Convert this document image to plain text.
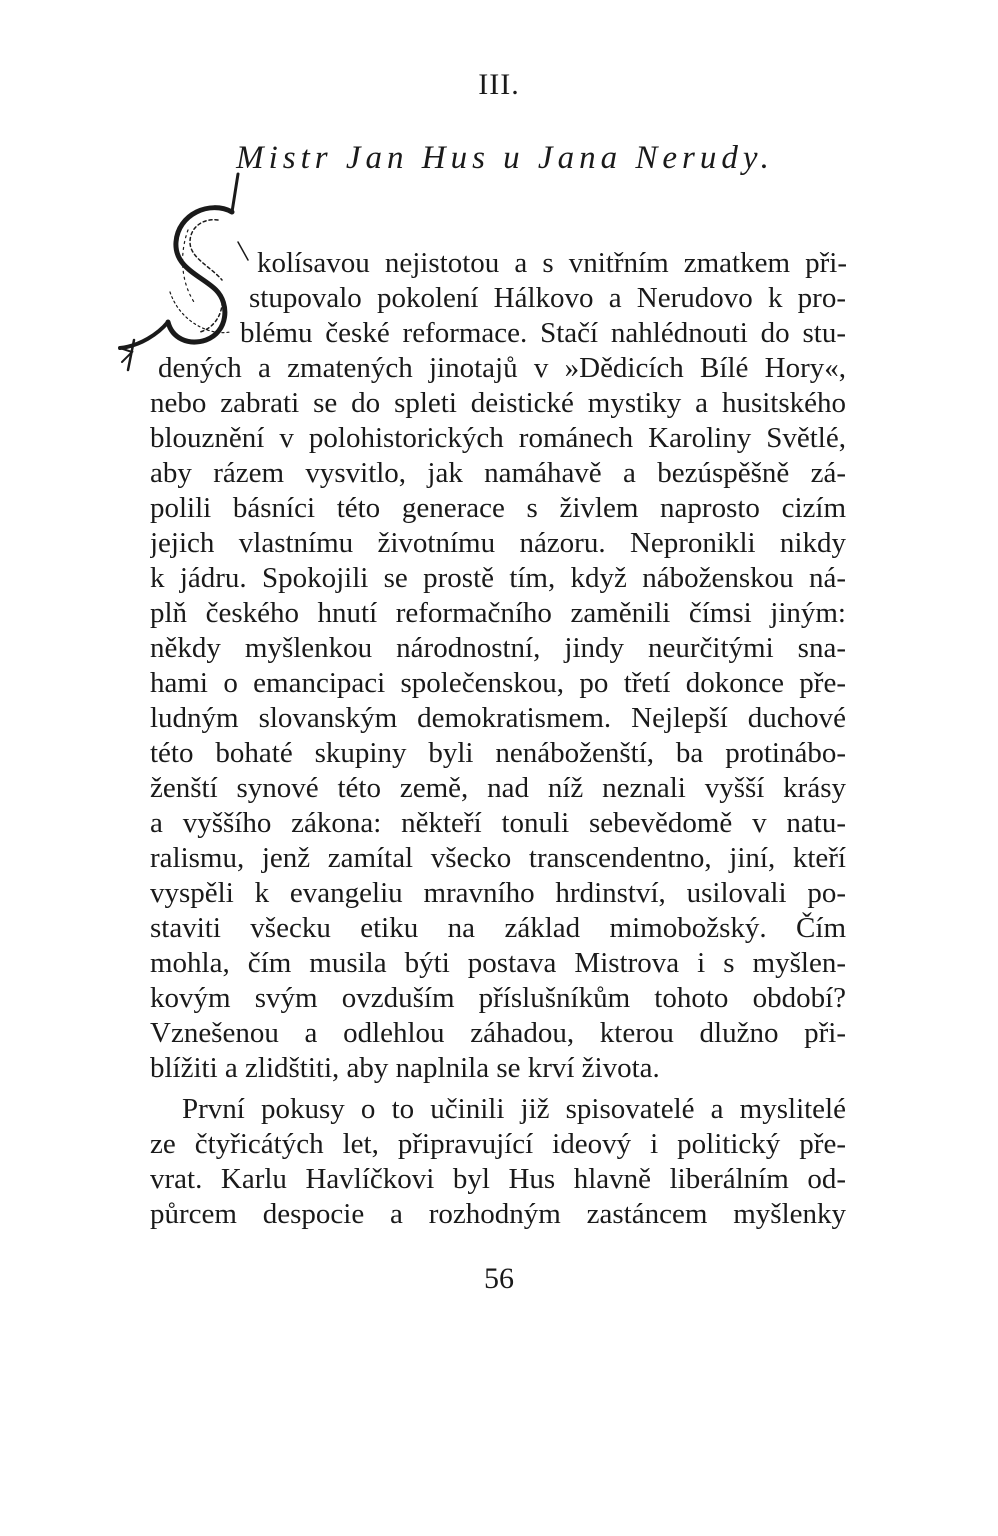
III.
Mistr Jan Hus u Jana Nerudy.
kolísavou nejistotou a s vnitřním zmatkem při-
stupovalo pokolení Hálkovo a Nerudovo k pro-
blému české reformace. Stačí nahlédnouti do stu-
dených a zmatených jinotajů v »Dědicích Bílé Hory«,
nebo zabrati se do spleti deistické mystiky a husitského
blouznění v polohistorických románech Karoliny Světlé,
aby rázem vysvitlo, jak namáhavě a bezúspěšně zá-
polili básníci této generace s živlem naprosto cizím
jejich vlastnímu životnímu názoru. Nepronikli nikdy
k jádru. Spokojili se prostě tím, když náboženskou ná-
plň českého hnutí reformačního zaměnili čímsi jiným:
někdy myšlenkou národnostní, jindy neurčitými sna-
hami o emancipaci společenskou, po třetí dokonce pře-
ludným slovanským demokratismem. Nejlepší duchové
této bohaté skupiny byli nenáboženští, ba protinábo-
ženští synové této země, nad níž neznali vyšší krásy
a vyššího zákona: někteří tonuli sebevědomě v natu-
ralismu, jenž zamítal všecko transcendentno, jiní, kteří
vyspěli k evangeliu mravního hrdinství, usilovali po-
staviti všecku etiku na základ mimobožský. Čím
mohla, čím musila býti postava Mistrova i s myšlen-
kovým svým ovzduším příslušníkům tohoto období?
Vznešenou a odlehlou záhadou, kterou dlužno při-
blížiti a zlidštiti, aby naplnila se krví života.
První pokusy o to učinili již spisovatelé a myslitelé
ze čtyřicátých let, připravující ideový i politický pře-
vrat. Karlu Havlíčkovi byl Hus hlavně liberálním od-
půrcem despocie a rozhodným zastáncem myšlenky
56
